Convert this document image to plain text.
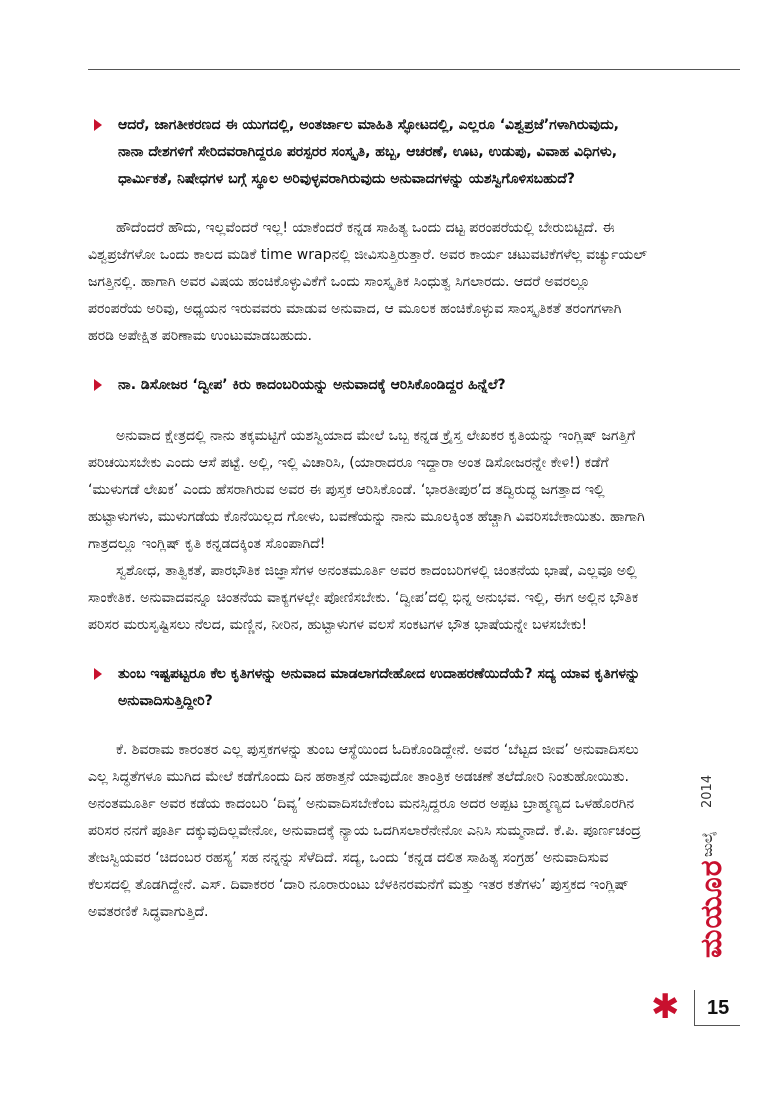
ಆದರೆ, ಜಾಗತೀಕರಣದ ಈ ಯುಗದಲ್ಲಿ, ಅಂತರ್ಜಾಲ ಮಾಹಿತಿ ಸ್ಫೋಟದಲ್ಲಿ, ಎಲ್ಲರೂ ‘ವಿಶ್ವಪ್ರಜೆ’ಗಳಾಗಿರುವುದು, ನಾನಾ ದೇಶಗಳಿಗೆ ಸೇರಿದವರಾಗಿದ್ದರೂ ಪರಸ್ಪರರ ಸಂಸ್ಕೃತಿ, ಹಬ್ಬ, ಆಚರಣೆ, ಊಟ, ಉಡುಪು, ವಿವಾಹ ವಿಧಿಗಳು, ಧಾರ್ಮಿಕತೆ, ನಿಷೇಧಗಳ ಬಗ್ಗೆ ಸ್ಥೂಲ ಅರಿವುಳ್ಳವರಾಗಿರುವುದು ಅನುವಾದಗಳನ್ನು ಯಶಸ್ವಿಗೊಳಿಸಬಹುದೆ?

ಹೌದೆಂದರೆ ಹೌದು, ಇಲ್ಲವೆಂದರೆ ಇಲ್ಲ! ಯಾಕೆಂದರೆ ಕನ್ನಡ ಸಾಹಿತ್ಯ ಒಂದು ದಟ್ಟ ಪರಂಪರೆಯಲ್ಲಿ ಬೇರುಬಿಟ್ಟಿದೆ. ಈ ವಿಶ್ವಪ್ರಜೆಗಳೋ ಒಂದು ಕಾಲದ ಮಡಿಕೆ time wrapನಲ್ಲಿ ಜೀವಿಸುತ್ತಿರುತ್ತಾರೆ. ಅವರ ಕಾರ್ಯ ಚಟುವಟಿಕೆಗಳೆಲ್ಲ ವರ್ಚ್ಯುಯಲ್ ಜಗತ್ತಿನಲ್ಲಿ. ಹಾಗಾಗಿ ಅವರ ವಿಷಯ ಹಂಚಿಕೊಳ್ಳುವಿಕೆಗೆ ಒಂದು ಸಾಂಸ್ಕೃತಿಕ ಸಿಂಧುತ್ವ ಸಿಗಲಾರದು. ಆದರೆ ಅವರಲ್ಲೂ ಪರಂಪರೆಯ ಅರಿವು, ಅಧ್ಯಯನ ಇರುವವರು ಮಾಡುವ ಅನುವಾದ, ಆ ಮೂಲಕ ಹಂಚಿಕೊಳ್ಳುವ ಸಾಂಸ್ಕೃತಿಕತೆ ತರಂಗಗಳಾಗಿ ಹರಡಿ ಅಪೇಕ್ಷಿತ ಪರಿಣಾಮ ಉಂಟುಮಾಡಬಹುದು.

ನಾ. ಡಿಸೋಜರ ‘ದ್ವೀಪ’ ಕಿರು ಕಾದಂಬರಿಯನ್ನು ಅನುವಾದಕ್ಕೆ ಆರಿಸಿಕೊಂಡಿದ್ದರ ಹಿನ್ನೆಲೆ?

ಅನುವಾದ ಕ್ಷೇತ್ರದಲ್ಲಿ ನಾನು ತಕ್ಕಮಟ್ಟಿಗೆ ಯಶಸ್ವಿಯಾದ ಮೇಲೆ ಒಬ್ಬ ಕನ್ನಡ ಕ್ರೈಸ್ತ ಲೇಖಕರ ಕೃತಿಯನ್ನು ಇಂಗ್ಲಿಷ್ ಜಗತ್ತಿಗೆ ಪರಿಚಯಿಸಬೇಕು ಎಂದು ಆಸೆ ಪಟ್ಟೆ. ಅಲ್ಲಿ, ಇಲ್ಲಿ ವಿಚಾರಿಸಿ, (ಯಾರಾದರೂ ಇದ್ದಾರಾ ಅಂತ ಡಿಸೋಜರನ್ನೇ ಕೇಳಿ!) ಕಡೆಗೆ ‘ಮುಳುಗಡೆ ಲೇಖಕ’ ಎಂದು ಹೆಸರಾಗಿರುವ ಅವರ ಈ ಪುಸ್ತಕ ಆರಿಸಿಕೊಂಡೆ. ‘ಭಾರತೀಪುರ’ದ ತದ್ವಿರುದ್ಧ ಜಗತ್ತಾದ ಇಲ್ಲಿ ಹುಟ್ಟಾಳುಗಳು, ಮುಳುಗಡೆಯ ಕೊನೆಯಿಲ್ಲದ ಗೋಳು, ಬವಣೆಯನ್ನು ನಾನು ಮೂಲಕ್ಕಿಂತ ಹೆಚ್ಚಾಗಿ ವಿವರಿಸಬೇಕಾಯಿತು. ಹಾಗಾಗಿ ಗಾತ್ರದಲ್ಲೂ ಇಂಗ್ಲಿಷ್ ಕೃತಿ ಕನ್ನಡದಕ್ಕಿಂತ ಸೊಂಪಾಗಿದೆ!

ಸ್ವಶೋಧ, ತಾತ್ವಿಕತೆ, ಪಾರಭೌತಿಕ ಜಿಜ್ಞಾಸೆಗಳ ಅನಂತಮೂರ್ತಿ ಅವರ ಕಾದಂಬರಿಗಳಲ್ಲಿ ಚಿಂತನೆಯ ಭಾಷೆ, ಎಲ್ಲವೂ ಅಲ್ಲಿ ಸಾಂಕೇತಿಕ. ಅನುವಾದವನ್ನೂ ಚಿಂತನೆಯ ವಾಕ್ಯಗಳಲ್ಲೇ ಪೋಣಿಸಬೇಕು. ‘ದ್ವೀಪ’ದಲ್ಲಿ ಭಿನ್ನ ಅನುಭವ. ಇಲ್ಲಿ, ಈಗ ಅಲ್ಲಿನ ಭೌತಿಕ ಪರಿಸರ ಮರುಸೃಷ್ಟಿಸಲು ನೆಲದ, ಮಣ್ಣಿನ, ನೀರಿನ, ಹುಟ್ಟಾಳುಗಳ ವಲಸೆ ಸಂಕಟಗಳ ಭೌತ ಭಾಷೆಯನ್ನೇ ಬಳಸಬೇಕು!

ತುಂಬ ಇಷ್ಟಪಟ್ಟರೂ ಕೆಲ ಕೃತಿಗಳನ್ನು ಅನುವಾದ ಮಾಡಲಾಗದೇಹೋದ ಉದಾಹರಣೆಯಿದೆಯೆ? ಸದ್ಯ ಯಾವ ಕೃತಿಗಳನ್ನು ಅನುವಾದಿಸುತ್ತಿದ್ದೀರಿ?

ಕೆ. ಶಿವರಾಮ ಕಾರಂತರ ಎಲ್ಲ ಪುಸ್ತಕಗಳನ್ನು ತುಂಬ ಆಸ್ಥೆಯಿಂದ ಓದಿಕೊಂಡಿದ್ದೇನೆ. ಅವರ ‘ಬೆಟ್ಟದ ಜೀವ’ ಅನುವಾದಿಸಲು ಎಲ್ಲ ಸಿದ್ಧತೆಗಳೂ ಮುಗಿದ ಮೇಲೆ ಕಡೆಗೊಂದು ದಿನ ಹಠಾತ್ತನೆ ಯಾವುದೋ ತಾಂತ್ರಿಕ ಅಡಚಣೆ ತಲೆದೋರಿ ನಿಂತುಹೋಯಿತು. ಅನಂತಮೂರ್ತಿ ಅವರ ಕಡೆಯ ಕಾದಂಬರಿ ‘ದಿವ್ಯ’ ಅನುವಾದಿಸಬೇಕೆಂಬ ಮನಸ್ಸಿದ್ದರೂ ಅದರ ಅಪ್ಪಟ ಬ್ರಾಹ್ಮಣ್ಯದ ಒಳಹೊರಗಿನ ಪರಿಸರ ನನಗೆ ಪೂರ್ತಿ ದಕ್ಕುವುದಿಲ್ಲವೇನೋ, ಅನುವಾದಕ್ಕೆ ನ್ಯಾಯ ಒದಗಿಸಲಾರೆನೇನೋ ಎನಿಸಿ ಸುಮ್ಮನಾದೆ. ಕೆ.ಪಿ. ಪೂರ್ಣಚಂದ್ರ ತೇಜಸ್ವಿಯವರ ‘ಚಿದಂಬರ ರಹಸ್ಯ’ ಸಹ ನನ್ನನ್ನು ಸೆಳೆದಿದೆ. ಸದ್ಯ, ಒಂದು ‘ಕನ್ನಡ ದಲಿತ ಸಾಹಿತ್ಯ ಸಂಗ್ರಹ’ ಅನುವಾದಿಸುವ ಕೆಲಸದಲ್ಲಿ ತೊಡಗಿದ್ದೇನೆ. ಎಸ್. ದಿವಾಕರರ ‘ದಾರಿ ನೂರಾರುಂಟು ಬೆಳಕಿನರಮನೆಗೆ ಮತ್ತು ಇತರ ಕತೆಗಳು’ ಪುಸ್ತಕದ ಇಂಗ್ಲಿಷ್ ಅವತರಣಿಕೆ ಸಿದ್ಧವಾಗುತ್ತಿದೆ.

2014
ಜುಲೈ
ಮಯೂರ
✱ 15
